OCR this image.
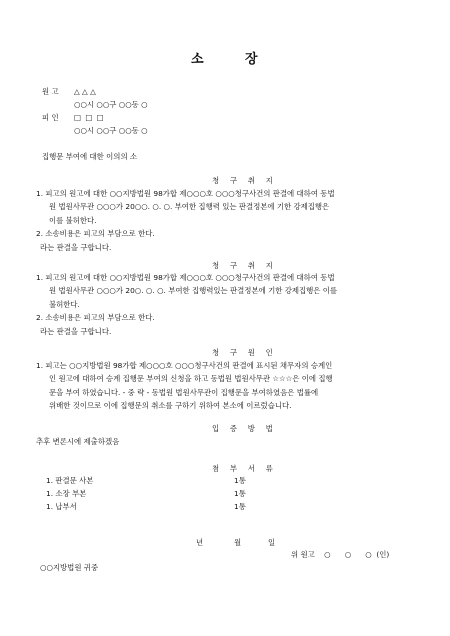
소	장
원 고 △ △ △
○○시 ○○구 ○○동 ○
피 인 □ □ □
○○시 ○○구 ○○동 ○
집행문 부여에 대한 이의의 소
청 구 취 지
1. 피고의 원고에 대한 ○○지방법원 98가합 제○○○호 ○○○청구사건의 판결에 대하여 동법
원 법원사무관 ○○○가 20○○. ○. ○. 부여한 집행력 있는 판결정본에 기한 강제집행은
이를 불허한다.
2. 소송비용은 피고의 부담으로 한다.
라는 판결을 구합니다.
청 구 취 지
1. 피고의 원고에 대한 ○○지방법원 98가합 제○○○호 ○○○청구사건의 판결에 대하여 동법
원 법원사무관 ○○○가 20○. ○. ○. 부여한 집행력있는 판결정본에 기한 강제집행은 이를
불허한다.
2. 소송비용은 피고의 부담으로 한다.
라는 판결을 구합니다.
청 구 원 인
1. 피고는 ○○지방법원 98가합 제○○○호 ○○○청구사건의 판결에 표시된 채무자의 승계인
인 원고에 대하여 승계 집행문 부여의 신청을 하고 동법원 법원사무관 ☆☆☆은 이에 집행
문을 부여 하였습니다. - 중 략 - 동법원 법원사무관이 집행문을 부여하였음은 법률에
위배한 것이므로 이에 집행문의 취소를 구하기 위하여 본소에 이르렀습니다.
입 증 방 법
추후 변론시에 제출하겠음
첨 부 서 류
1. 판결문 사본	1통
1. 소장 부본	1통
1. 납부서	1통
년	월	일
위 원고    ○      ○      ○  (인)
○○지방법원 귀중
